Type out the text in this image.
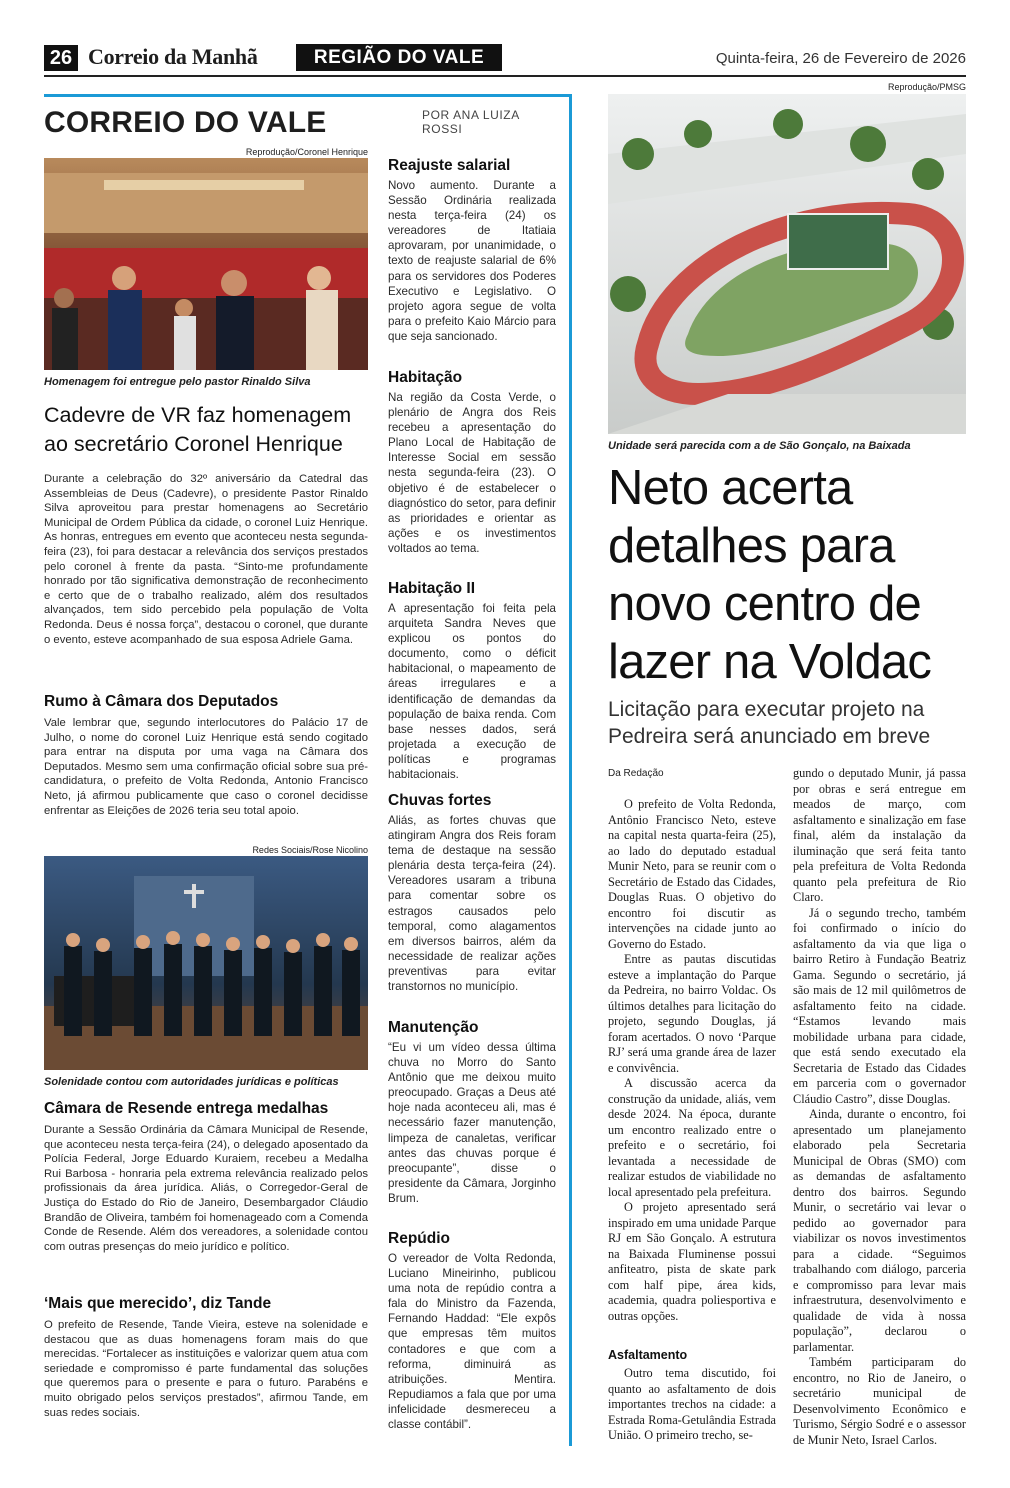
26 Correio da Manhã	REGIÃO DO VALE	Quinta-feira, 26 de Fevereiro de 2026
CORREIO DO VALE	POR ANA LUIZA ROSSI
Reprodução/Coronel Henrique
Homenagem foi entregue pelo pastor Rinaldo Silva
Cadevre de VR faz homenagem ao secretário Coronel Henrique

Durante a celebração do 32º aniversário da Catedral das Assembleias de Deus (Cadevre), o presidente Pastor Rinaldo Silva aproveitou para prestar homenagens ao Secretário Municipal de Ordem Pública da cidade, o coronel Luiz Henrique. As honras, entregues em evento que aconteceu nesta segunda-feira (23), foi para destacar a relevância dos serviços prestados pelo coronel à frente da pasta. “Sinto-me profundamente honrado por tão significativa demonstração de reconhecimento e certo que de o trabalho realizado, além dos resultados alvançados, tem sido percebido pela população de Volta Redonda. Deus é nossa força”, destacou o coronel, que durante o evento, esteve acompanhado de sua esposa Adriele Gama.

Rumo à Câmara dos Deputados

Vale lembrar que, segundo interlocutores do Palácio 17 de Julho, o nome do coronel Luiz Henrique está sendo cogitado para entrar na disputa por uma vaga na Câmara dos Deputados. Mesmo sem uma confirmação oficial sobre sua pré-candidatura, o prefeito de Volta Redonda, Antonio Francisco Neto, já afirmou publicamente que caso o coronel decidisse enfrentar as Eleições de 2026 teria seu total apoio.

Redes Sociais/Rose Nicolino
Solenidade contou com autoridades jurídicas e políticas
Câmara de Resende entrega medalhas

Durante a Sessão Ordinária da Câmara Municipal de Resende, que aconteceu nesta terça-feira (24), o delegado aposentado da Polícia Federal, Jorge Eduardo Kuraiem, recebeu a Medalha Rui Barbosa - honraria pela extrema relevância realizado pelos profissionais da área jurídica. Aliás, o Corregedor-Geral de Justiça do Estado do Rio de Janeiro, Desembargador Cláudio Brandão de Oliveira, também foi homenageado com a Comenda Conde de Resende. Além dos vereadores, a solenidade contou com outras presenças do meio jurídico e político.

‘Mais que merecido’, diz Tande

O prefeito de Resende, Tande Vieira, esteve na solenidade e destacou que as duas homenagens foram mais do que merecidas. “Fortalecer as instituições e valorizar quem atua com seriedade e compromisso é parte fundamental das soluções que queremos para o presente e para o futuro. Parabéns e muito obrigado pelos serviços prestados”, afirmou Tande, em suas redes sociais.

Reajuste salarial

Novo aumento. Durante a Sessão Ordinária realizada nesta terça-feira (24) os vereadores de Itatiaia aprovaram, por unanimidade, o texto de reajuste salarial de 6% para os servidores dos Poderes Executivo e Legislativo. O projeto agora segue de volta para o prefeito Kaio Márcio para que seja sancionado.

Habitação

Na região da Costa Verde, o plenário de Angra dos Reis recebeu a apresentação do Plano Local de Habitação de Interesse Social em sessão nesta segunda-feira (23). O objetivo é de estabelecer o diagnóstico do setor, para definir as prioridades e orientar as ações e os investimentos voltados ao tema.

Habitação II

A apresentação foi feita pela arquiteta Sandra Neves que explicou os pontos do documento, como o déficit habitacional, o mapeamento de áreas irregulares e a identificação de demandas da população de baixa renda. Com base nesses dados, será projetada a execução de políticas e programas habitacionais.

Chuvas fortes

Aliás, as fortes chuvas que atingiram Angra dos Reis foram tema de destaque na sessão plenária desta terça-feira (24). Vereadores usaram a tribuna para comentar sobre os estragos causados pelo temporal, como alagamentos em diversos bairros, além da necessidade de realizar ações preventivas para evitar transtornos no município.

Manutenção

“Eu vi um vídeo dessa última chuva no Morro do Santo Antônio que me deixou muito preocupado. Graças a Deus até hoje nada aconteceu ali, mas é necessário fazer manutenção, limpeza de canaletas, verificar antes das chuvas porque é preocupante”, disse o presidente da Câmara, Jorginho Brum.

Repúdio

O vereador de Volta Redonda, Luciano Mineirinho, publicou uma nota de repúdio contra a fala do Ministro da Fazenda, Fernando Haddad: “Ele expôs que empresas têm muitos contadores e que com a reforma, diminuirá as atribuições. Mentira. Repudiamos a fala que por uma infelicidade desmereceu a classe contábil”.

Reprodução/PMSG
Unidade será parecida com a de São Gonçalo, na Baixada
Neto acerta detalhes para novo centro de lazer na Voldac
Licitação para executar projeto na Pedreira será anunciado em breve
Da Redação

O prefeito de Volta Redonda, Antônio Francisco Neto, esteve na capital nesta quarta-feira (25), ao lado do deputado estadual Munir Neto, para se reunir com o Secretário de Estado das Cidades, Douglas Ruas. O objetivo do encontro foi discutir as intervenções na cidade junto ao Governo do Estado.

Entre as pautas discutidas esteve a implantação do Parque da Pedreira, no bairro Voldac. Os últimos detalhes para licitação do projeto, segundo Douglas, já foram acertados. O novo ‘Parque RJ’ será uma grande área de lazer e convivência.

A discussão acerca da construção da unidade, aliás, vem desde 2024. Na época, durante um encontro realizado entre o prefeito e o secretário, foi levantada a necessidade de realizar estudos de viabilidade no local apresentado pela prefeitura.

O projeto apresentado será inspirado em uma unidade Parque RJ em São Gonçalo. A estrutura na Baixada Fluminense possui anfiteatro, pista de skate park com half pipe, área kids, academia, quadra poliesportiva e outras opções.

Asfaltamento

Outro tema discutido, foi quanto ao asfaltamento de dois importantes trechos na cidade: a Estrada Roma-Getulândia Estrada União. O primeiro trecho, se-

gundo o deputado Munir, já passa por obras e será entregue em meados de março, com asfaltamento e sinalização em fase final, além da instalação da iluminação que será feita tanto pela prefeitura de Volta Redonda quanto pela prefeitura de Rio Claro.

Já o segundo trecho, também foi confirmado o início do asfaltamento da via que liga o bairro Retiro à Fundação Beatriz Gama. Segundo o secretário, já são mais de 12 mil quilômetros de asfaltamento feito na cidade. “Estamos levando mais mobilidade urbana para cidade, que está sendo executado ela Secretaria de Estado das Cidades em parceria com o governador Cláudio Castro”, disse Douglas.

Ainda, durante o encontro, foi apresentado um planejamento elaborado pela Secretaria Municipal de Obras (SMO) com as demandas de asfaltamento dentro dos bairros. Segundo Munir, o secretário vai levar o pedido ao governador para viabilizar os novos investimentos para a cidade. “Seguimos trabalhando com diálogo, parceria e compromisso para levar mais infraestrutura, desenvolvimento e qualidade de vida à nossa população”, declarou o parlamentar.

Também participaram do encontro, no Rio de Janeiro, o secretário municipal de Desenvolvimento Econômico e Turismo, Sérgio Sodré e o assessor de Munir Neto, Israel Carlos.
